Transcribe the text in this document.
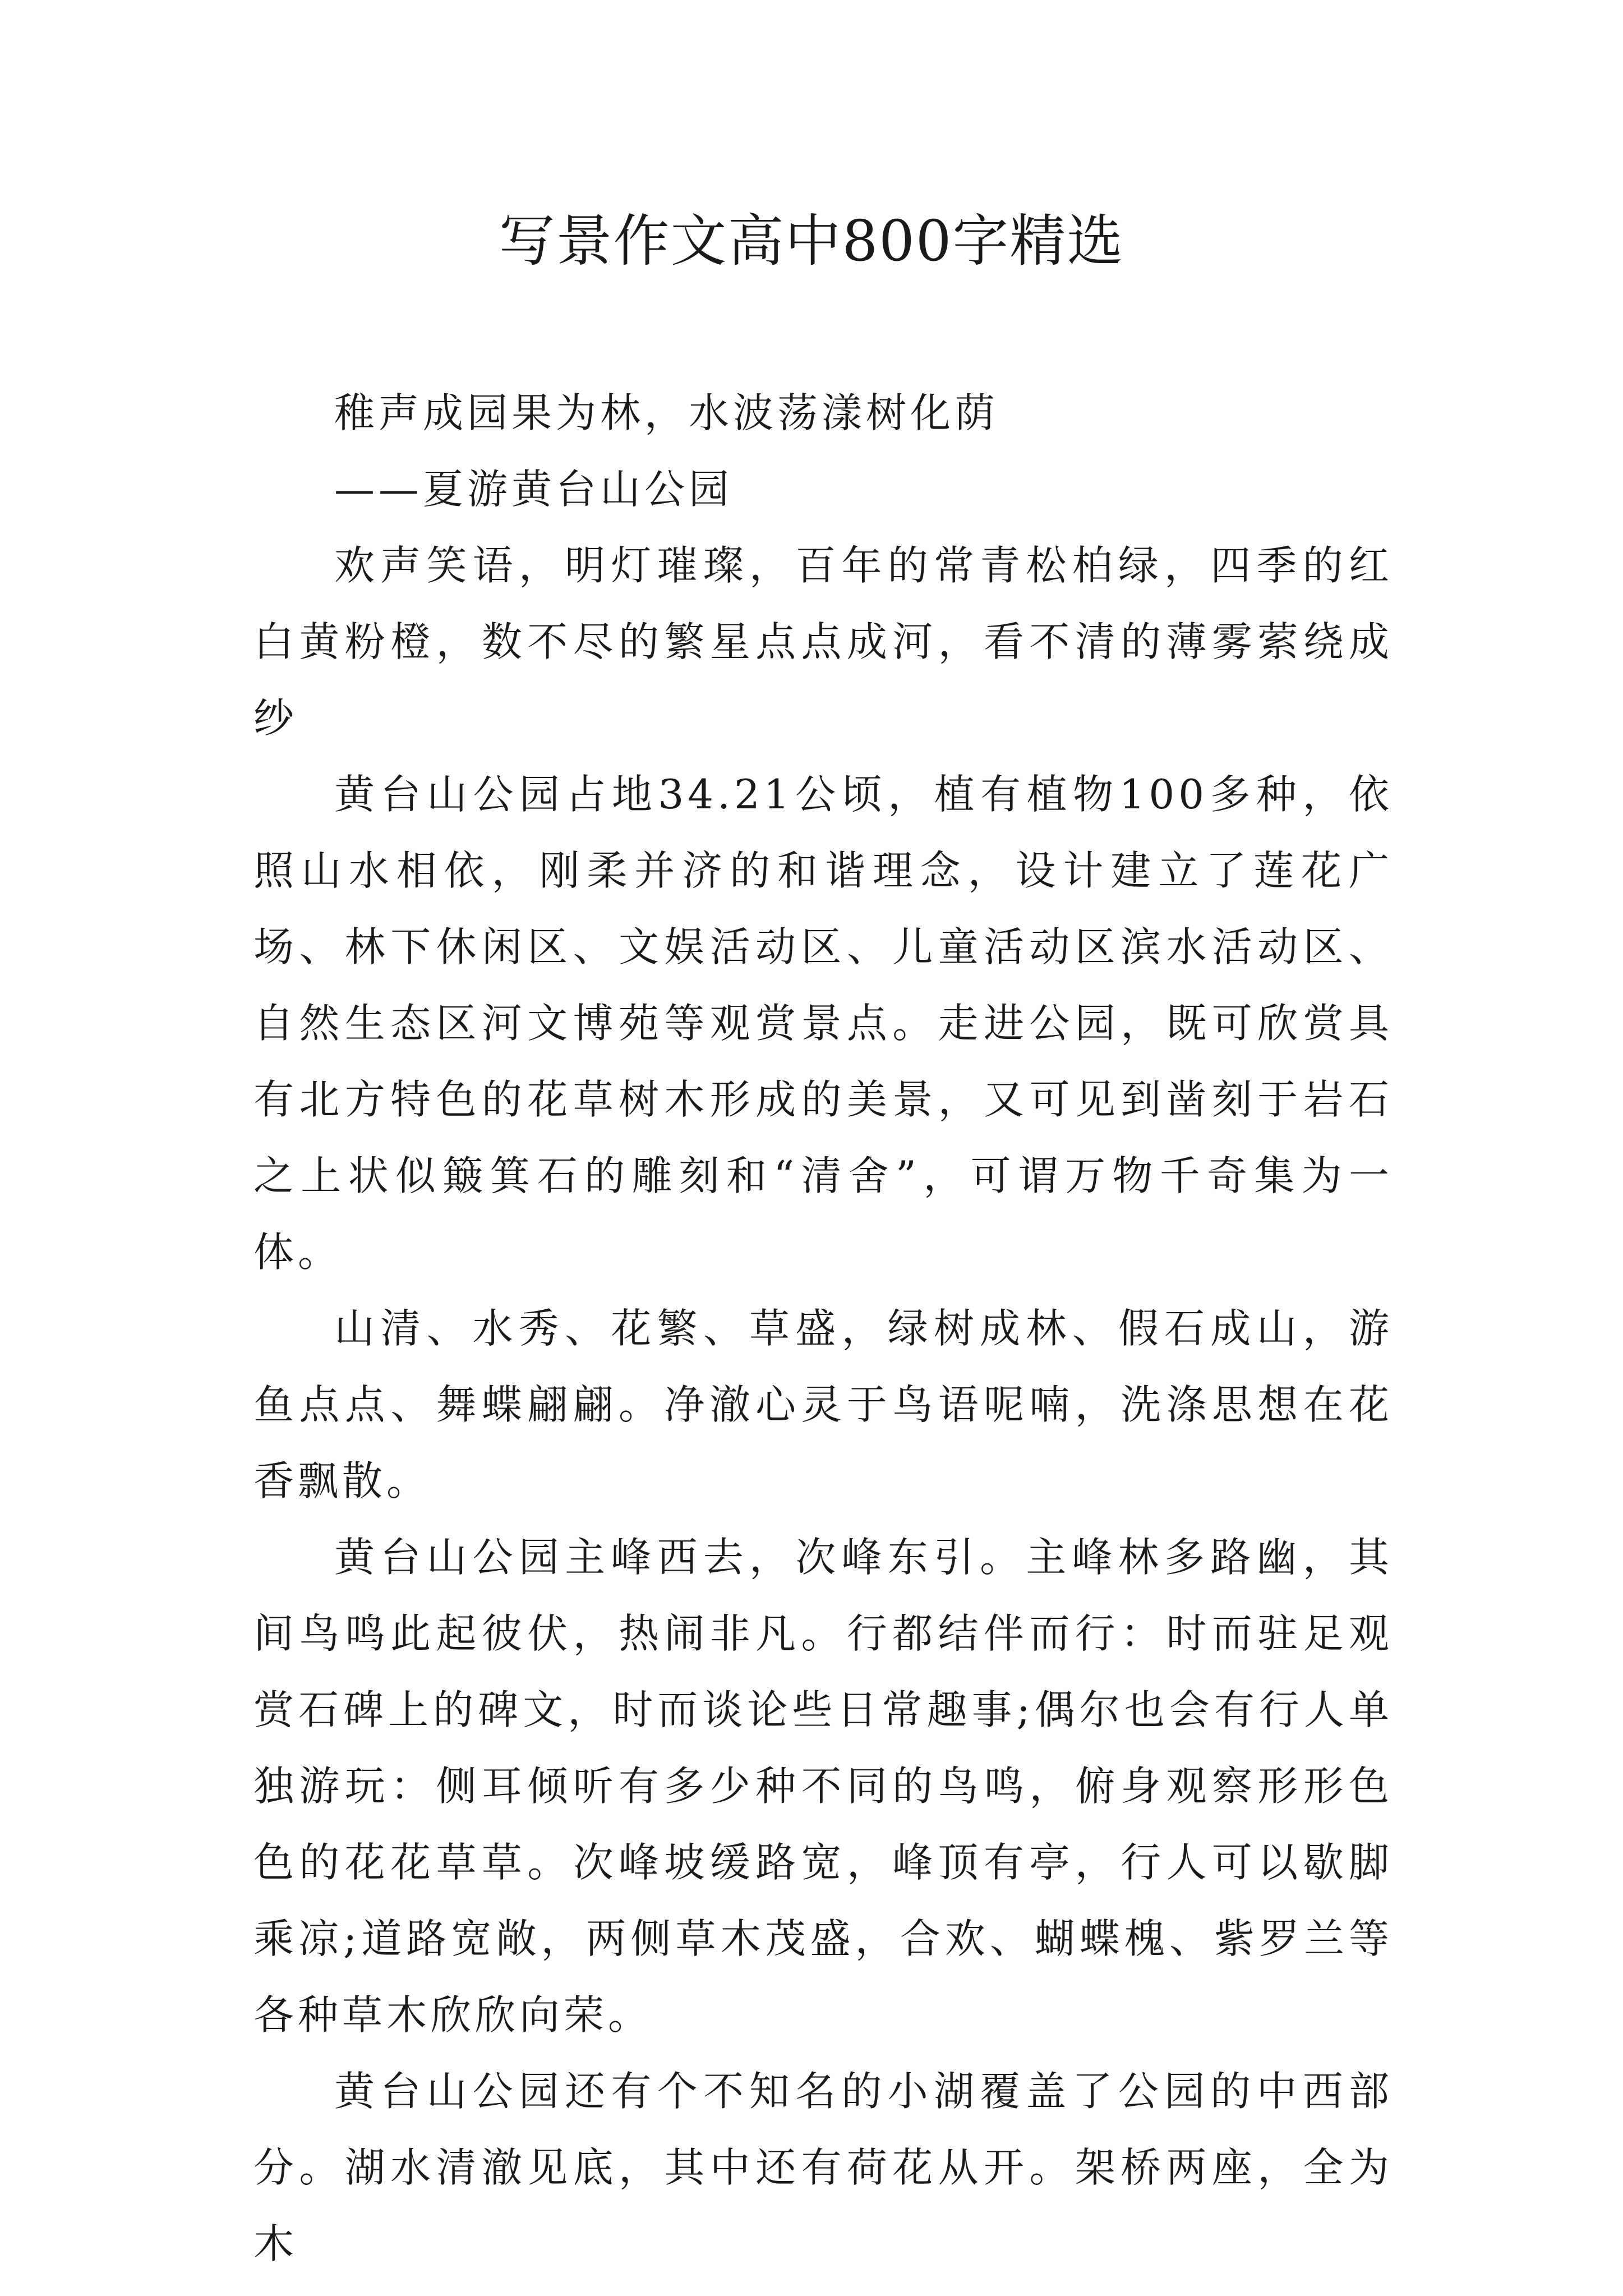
写景作文高中800字精选

稚声成园果为林，水波荡漾树化荫

——夏游黄台山公园

欢声笑语，明灯璀璨，百年的常青松柏绿，四季的红白黄粉橙，数不尽的繁星点点成河，看不清的薄雾萦绕成纱

黄台山公园占地34.21公顷，植有植物100多种，依照山水相依，刚柔并济的和谐理念，设计建立了莲花广场、林下休闲区、文娱活动区、儿童活动区滨水活动区、自然生态区河文博苑等观赏景点。走进公园，既可欣赏具有北方特色的花草树木形成的美景，又可见到凿刻于岩石之上状似簸箕石的雕刻和“清舍”，可谓万物千奇集为一体。

山清、水秀、花繁、草盛，绿树成林、假石成山，游鱼点点、舞蝶翩翩。净澈心灵于鸟语呢喃，洗涤思想在花香飘散。

黄台山公园主峰西去，次峰东引。主峰林多路幽，其间鸟鸣此起彼伏，热闹非凡。行都结伴而行：时而驻足观赏石碑上的碑文，时而谈论些日常趣事;偶尔也会有行人单独游玩：侧耳倾听有多少种不同的鸟鸣，俯身观察形形色色的花花草草。次峰坡缓路宽，峰顶有亭，行人可以歇脚乘凉;道路宽敞，两侧草木茂盛，合欢、蝴蝶槐、紫罗兰等各种草木欣欣向荣。

黄台山公园还有个不知名的小湖覆盖了公园的中西部分。湖水清澈见底，其中还有荷花从开。架桥两座，全为木
